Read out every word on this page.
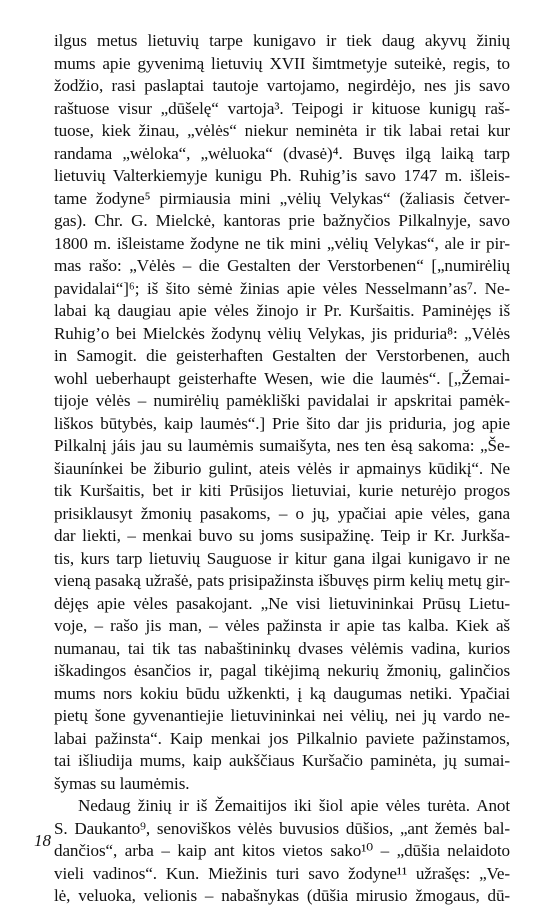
ilgus metus lietuvių tarpe kunigavo ir tiek daug akyvų žinių
mums apie gyvenimą lietuvių XVII šimtmetyje suteikė, regis, to
žodžio, rasi paslaptai tautoje vartojamo, negirdėjo, nes jis savo
raštuose visur „dūšelę“ vartoja³. Teipogi ir kituose kunigų raš-
tuose, kiek žinau, „vėlės“ niekur neminėta ir tik labai retai kur
randama „wėloka“, „wėluoka“ (dvasė)⁴. Buvęs ilgą laiką tarp
lietuvių Valterkiemyje kunigu Ph. Ruhig’is savo 1747 m. išleis-
tame žodyne⁵ pirmiausia mini „vėlių Velykas“ (žaliasis četver-
gas). Chr. G. Mielckė, kantoras prie bažnyčios Pilkalnyje, savo
1800 m. išleistame žodyne ne tik mini „vėlių Velykas“, ale ir pir-
mas rašo: „Vėlės – die Gestalten der Verstorbenen“ [„numirėlių
pavidalai“]⁶; iš šito sėmė žinias apie vėles Nesselmann’as⁷. Ne-
labai ką daugiau apie vėles žinojo ir Pr. Kuršaitis. Paminėjęs iš
Ruhig’o bei Mielckės žodynų vėlių Velykas, jis priduria⁸: „Vėlės
in Samogit. die geisterhaften Gestalten der Verstorbenen, auch
wohl ueberhaupt geisterhafte Wesen, wie die laumės“. [„Žemai-
tijoje vėlės – numirėlių pamėkliški pavidalai ir apskritai pamėk-
liškos būtybės, kaip laumės“.] Prie šito dar jis priduria, jog apie
Pilkalnį jáis jau su laumėmis sumaišyta, nes ten ėsą sakoma: „Še-
šiaunínkei be žiburio gulint, ateis vėlės ir apmainys kūdikį“. Ne
tik Kuršaitis, bet ir kiti Prūsijos lietuviai, kurie neturėjo progos
prisiklausyt žmonių pasakoms, – o jų, ypačiai apie vėles, gana
dar liekti, – menkai buvo su joms susipažinę. Teip ir Kr. Jurkša-
tis, kurs tarp lietuvių Sauguose ir kitur gana ilgai kunigavo ir ne
vieną pasaką užrašė, pats prisipažinsta išbuvęs pirm kelių metų gir-
dėjęs apie vėles pasakojant. „Ne visi lietuvininkai Prūsų Lietu-
voje, – rašo jis man, – vėles pažinsta ir apie tas kalba. Kiek aš
numanau, tai tik tas nabaštininkų dvases vėlėmis vadina, kurios
iškadingos ėsančios ir, pagal tikėjimą nekurių žmonių, galinčios
mums nors kokiu būdu užkenkti, į ką daugumas netiki. Ypačiai
pietų šone gyvenantiejie lietuvininkai nei vėlių, nei jų vardo ne-
labai pažinsta“. Kaip menkai jos Pilkalnio paviete pažinstamos,
tai išliudija mums, kaip aukščiaus Kuršačio paminėta, jų sumai-
šymas su laumėmis.
Nedaug žinių ir iš Žemaitijos iki šiol apie vėles turėta. Anot
S. Daukanto⁹, senoviškos vėlės buvusios dūšios, „ant žemės bal-
dančios“, arba – kaip ant kitos vietos sako¹⁰ – „dūšia nelaidoto
vieli vadinos“. Kun. Miežinis turi savo žodyne¹¹ užrašęs: „Ve-
lė, veluoka, velionis – nabašnykas (dūšia mirusio žmogaus, dū-
18
